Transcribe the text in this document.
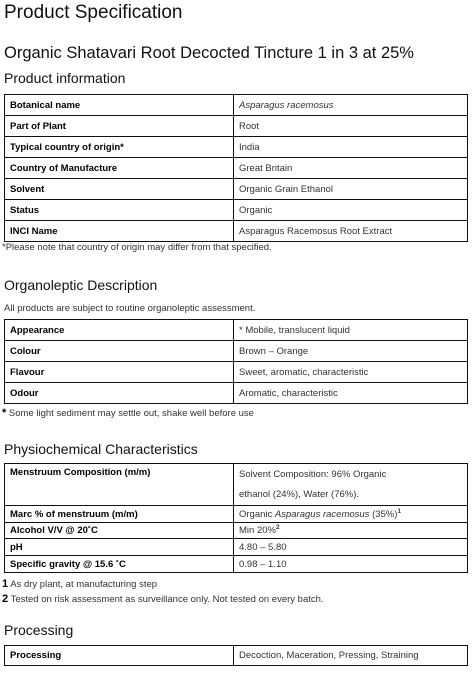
Product Specification
Organic Shatavari Root Decocted Tincture 1 in 3 at 25%
Product information
Botanical name	Asparagus racemosus
Part of Plant	Root
Typical country of origin*	India
Country of Manufacture	Great Britain
Solvent	Organic Grain Ethanol
Status	Organic
INCI Name	Asparagus Racemosus Root Extract
*Please note that country of origin may differ from that specified.
Organoleptic Description
All products are subject to routine organoleptic assessment.
Appearance	* Mobile, translucent liquid
Colour	Brown – Orange
Flavour	Sweet, aromatic, characteristic
Odour	Aromatic, characteristic
* Some light sediment may settle out, shake well before use
Physiochemical Characteristics
Menstruum Composition (m/m)	Solvent Composition: 96% Organic
ethanol (24%), Water (76%).

Marc % of menstruum (m/m)	Organic Asparagus racemosus $(35\%)^1$
Alcohol V/V @ 20˚C	Min 20%$^2$
pH	4.80 – 5.80
Specific gravity @ 15.6 ˚C	0.98 – 1.10
1 As dry plant, at manufacturing step
2 Tested on risk assessment as surveillance only. Not tested on every batch.
Processing
Processing	Decoction, Maceration, Pressing, Straining
